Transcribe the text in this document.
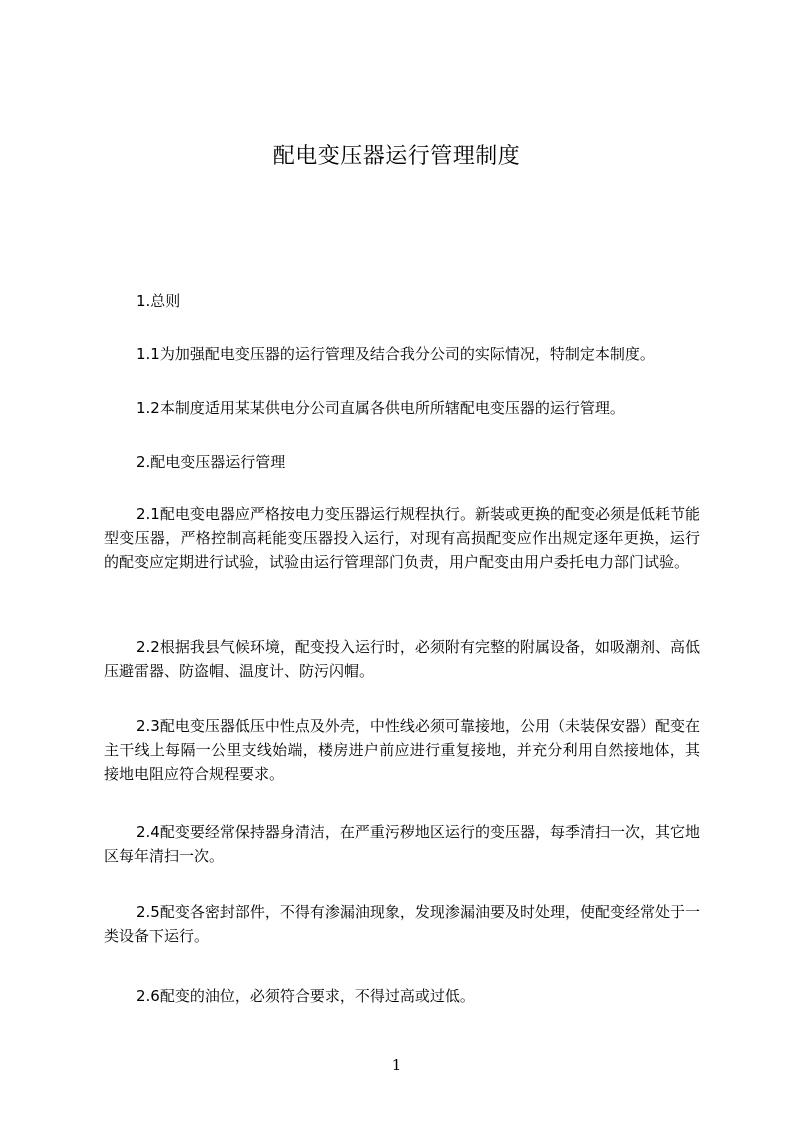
配电变压器运行管理制度
1.总则
1.1为加强配电变压器的运行管理及结合我分公司的实际情况，特制定本制度。
1.2本制度适用某某供电分公司直属各供电所所辖配电变压器的运行管理。
2.配电变压器运行管理
2.1配电变电器应严格按电力变压器运行规程执行。新装或更换的配变必须是低耗节能型变压器，严格控制高耗能变压器投入运行，对现有高损配变应作出规定逐年更换，运行的配变应定期进行试验，试验由运行管理部门负责，用户配变由用户委托电力部门试验。
2.2根据我县气候环境，配变投入运行时，必须附有完整的附属设备，如吸潮剂、高低压避雷器、防盗帽、温度计、防污闪帽。
2.3配电变压器低压中性点及外壳，中性线必须可靠接地，公用（未装保安器）配变在主干线上每隔一公里支线始端，楼房进户前应进行重复接地，并充分利用自然接地体，其接地电阻应符合规程要求。
2.4配变要经常保持器身清洁，在严重污秽地区运行的变压器，每季清扫一次，其它地区每年清扫一次。
2.5配变各密封部件，不得有渗漏油现象，发现渗漏油要及时处理，使配变经常处于一类设备下运行。
2.6配变的油位，必须符合要求，不得过高或过低。
1
